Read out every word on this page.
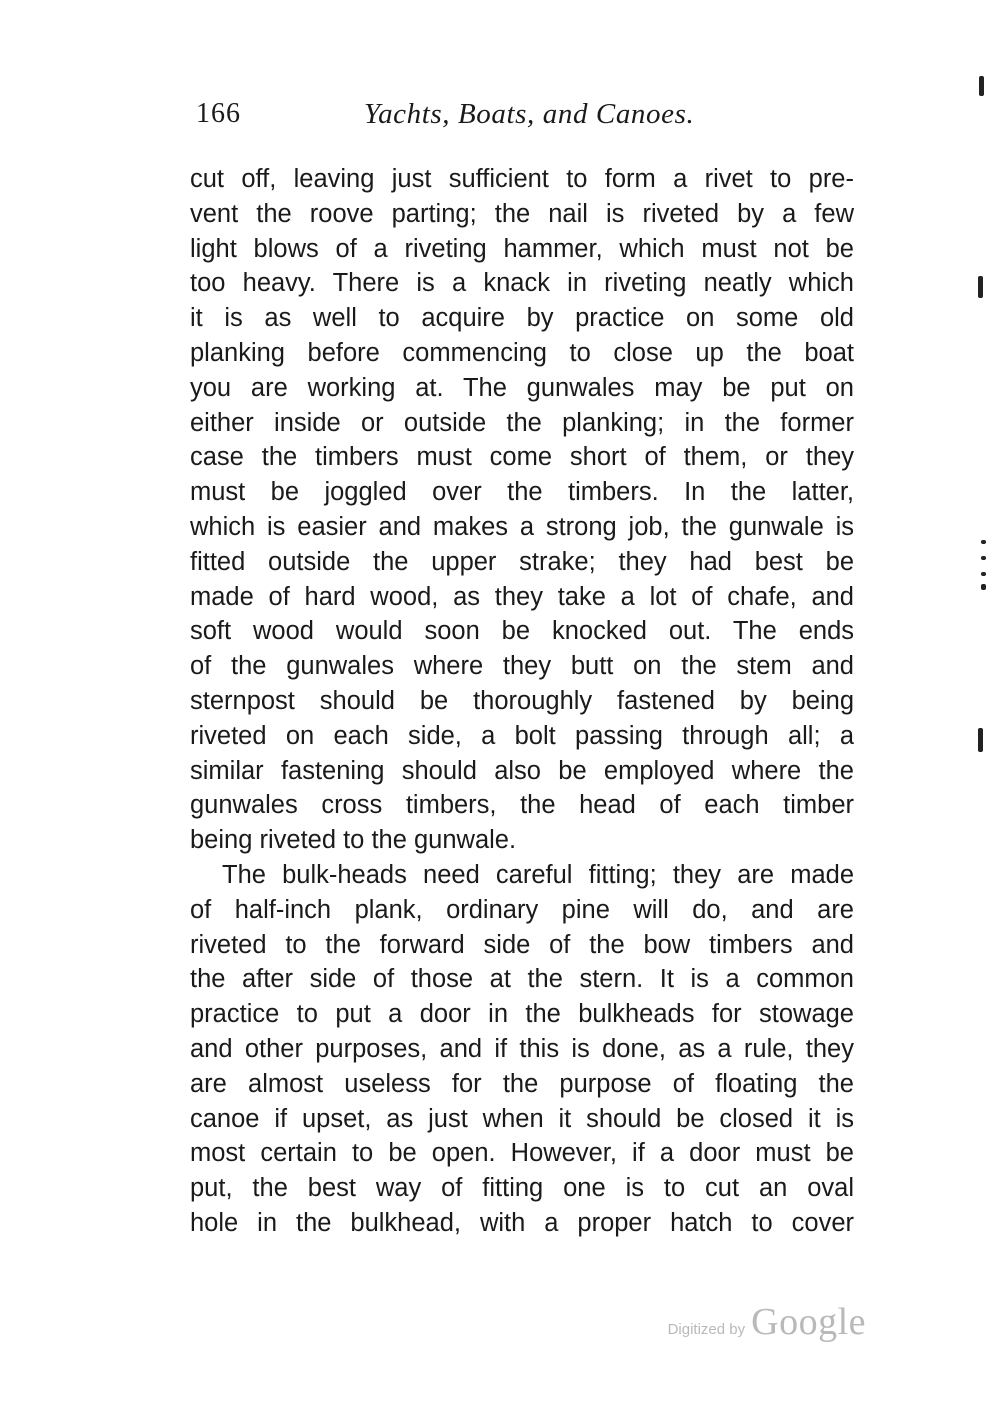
166	Yachts, Boats, and Canoes.
cut off, leaving just sufficient to form a rivet to pre-
vent the roove parting; the nail is riveted by a few
light blows of a riveting hammer, which must not be
too heavy. There is a knack in riveting neatly which
it is as well to acquire by practice on some old
planking before commencing to close up the boat
you are working at. The gunwales may be put on
either inside or outside the planking; in the former
case the timbers must come short of them, or they
must be joggled over the timbers. In the latter,
which is easier and makes a strong job, the gunwale is
fitted outside the upper strake; they had best be
made of hard wood, as they take a lot of chafe, and
soft wood would soon be knocked out. The ends
of the gunwales where they butt on the stem and
sternpost should be thoroughly fastened by being
riveted on each side, a bolt passing through all; a
similar fastening should also be employed where the
gunwales cross timbers, the head of each timber
being riveted to the gunwale.
The bulk-heads need careful fitting; they are made
of half-inch plank, ordinary pine will do, and are
riveted to the forward side of the bow timbers and
the after side of those at the stern. It is a common
practice to put a door in the bulkheads for stowage
and other purposes, and if this is done, as a rule, they
are almost useless for the purpose of floating the
canoe if upset, as just when it should be closed it is
most certain to be open. However, if a door must be
put, the best way of fitting one is to cut an oval
hole in the bulkhead, with a proper hatch to cover
Digitized by Google
